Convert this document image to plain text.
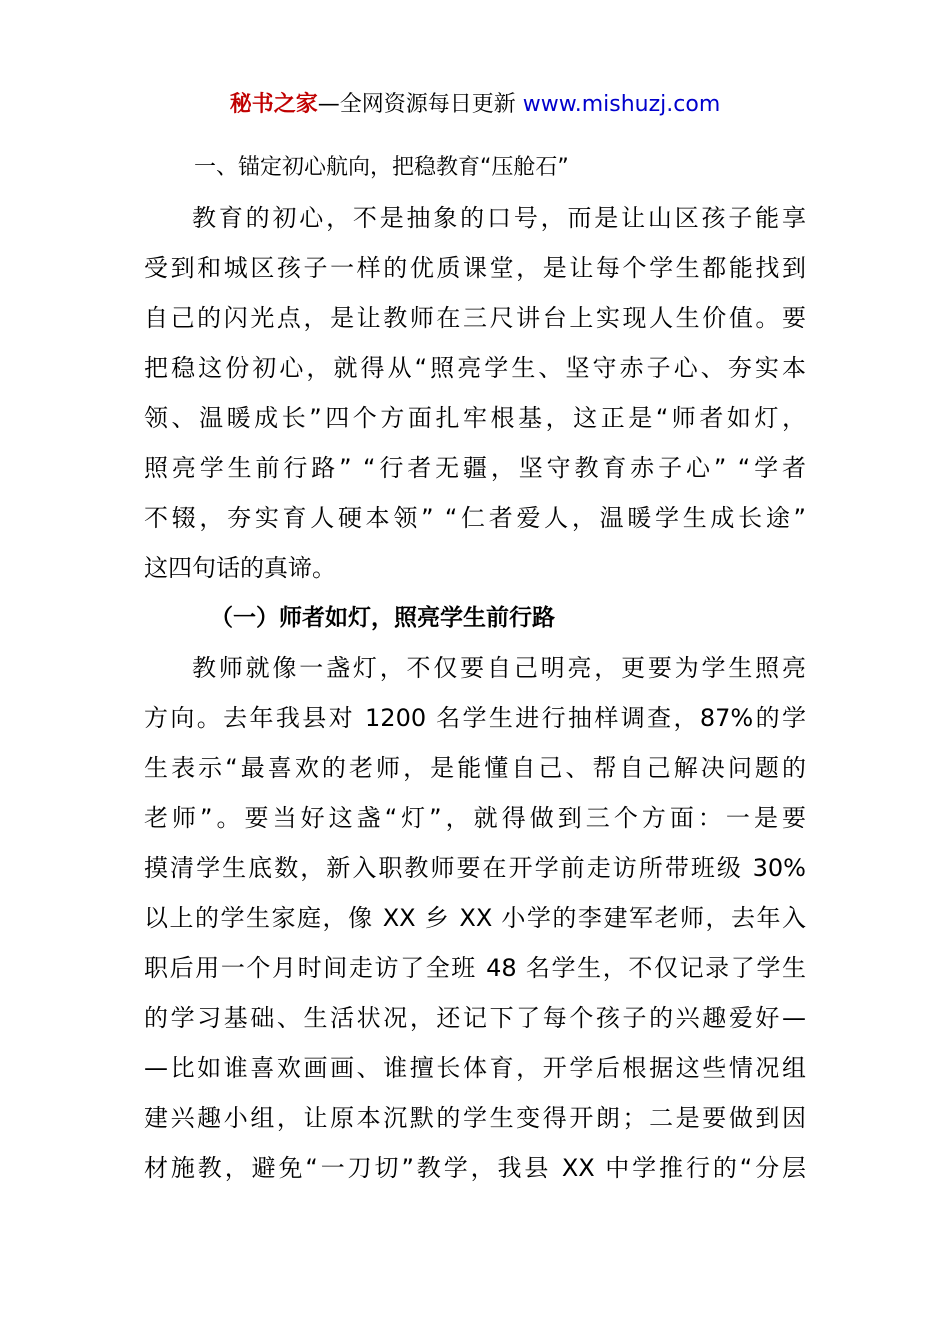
秘书之家—全网资源每日更新 www.mishuzj.com
一、锚定初心航向，把稳教育“压舱石”
教育的初心，不是抽象的口号，而是让山区孩子能享
受到和城区孩子一样的优质课堂，是让每个学生都能找到
自己的闪光点，是让教师在三尺讲台上实现人生价值。要
把稳这份初心，就得从“照亮学生、坚守赤子心、夯实本
领、温暖成长”四个方面扎牢根基，这正是“师者如灯，
照亮学生前行路” “行者无疆，坚守教育赤子心” “学者
不辍，夯实育人硬本领” “仁者爱人，温暖学生成长途”
这四句话的真谛。
（一）师者如灯，照亮学生前行路
教师就像一盏灯，不仅要自己明亮，更要为学生照亮
方向。去年我县对 1200 名学生进行抽样调查，87%的学
生表示“最喜欢的老师，是能懂自己、帮自己解决问题的
老师”。要当好这盏“灯”，就得做到三个方面：一是要
摸清学生底数，新入职教师要在开学前走访所带班级 30%
以上的学生家庭，像 XX 乡 XX 小学的李建军老师，去年入
职后用一个月时间走访了全班 48 名学生，不仅记录了学生
的学习基础、生活状况，还记下了每个孩子的兴趣爱好—
—比如谁喜欢画画、谁擅长体育，开学后根据这些情况组
建兴趣小组，让原本沉默的学生变得开朗；二是要做到因
材施教，避免“一刀切”教学，我县 XX 中学推行的“分层
